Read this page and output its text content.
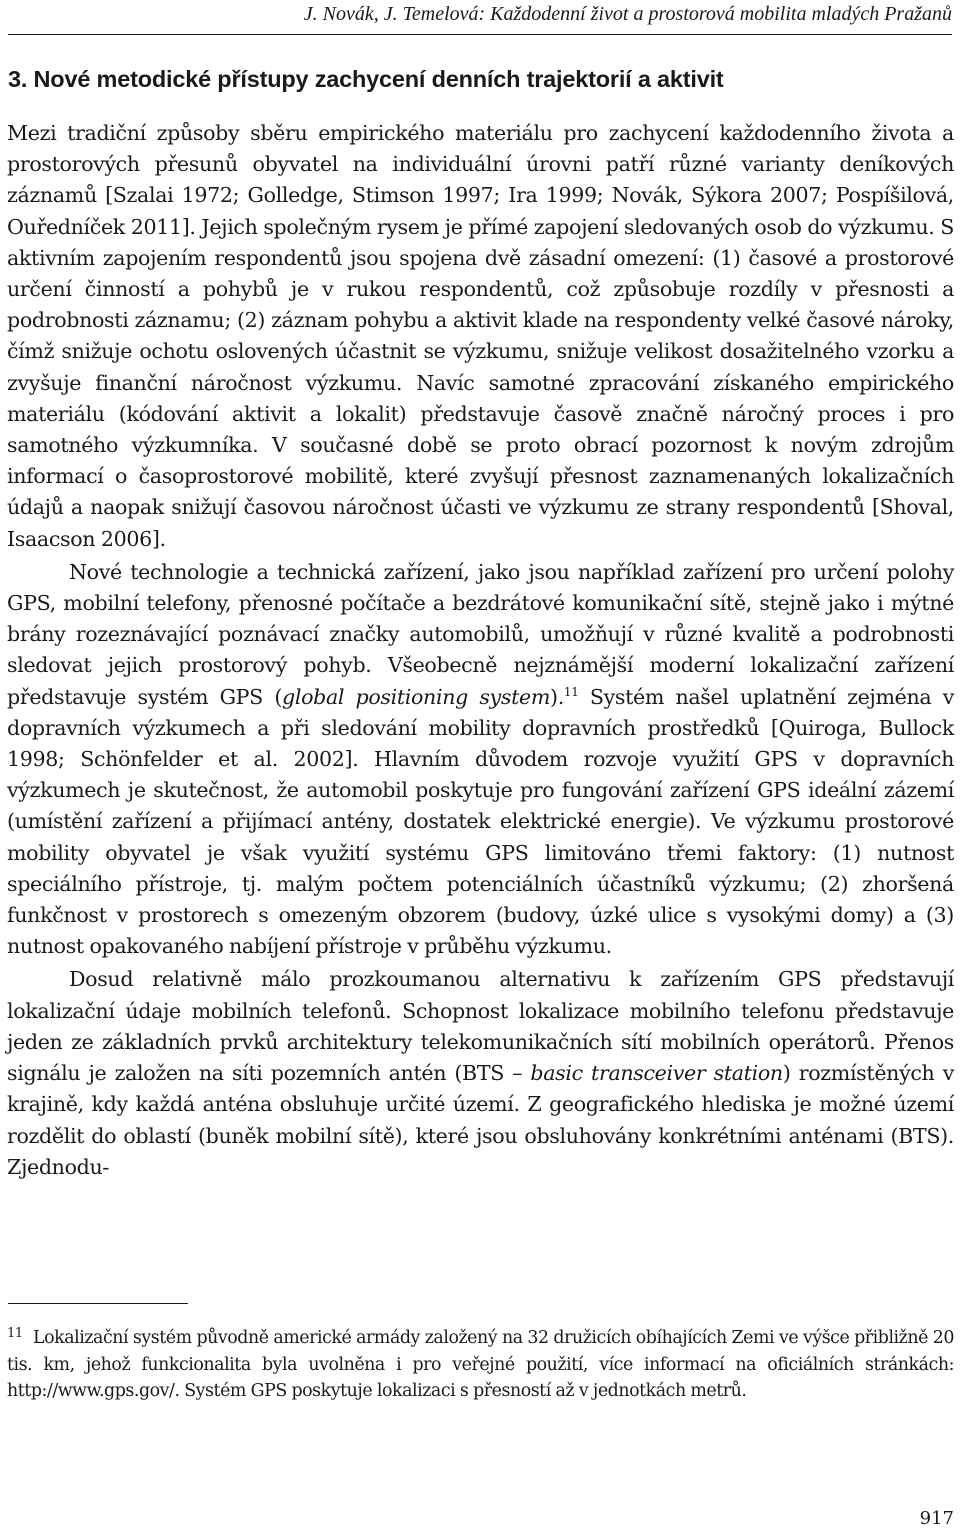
J. Novák, J. Temelová: Každodenní život a prostorová mobilita mladých Pražanů
3. Nové metodické přístupy zachycení denních trajektorií a aktivit

Mezi tradiční způsoby sběru empirického materiálu pro zachycení každodenního života a prostorových přesunů obyvatel na individuální úrovni patří různé varianty deníkových záznamů [Szalai 1972; Golledge, Stimson 1997; Ira 1999; Novák, Sýkora 2007; Pospíšilová, Ouředníček 2011]. Jejich společným rysem je přímé zapojení sledovaných osob do výzkumu. S aktivním zapojením respondentů jsou spojena dvě zásadní omezení: (1) časové a prostorové určení činností a pohybů je v rukou respondentů, což způsobuje rozdíly v přesnosti a podrobnosti záznamu; (2) záznam pohybu a aktivit klade na respondenty velké časové nároky, čímž snižuje ochotu oslovených účastnit se výzkumu, snižuje velikost dosažitelného vzorku a zvyšuje finanční náročnost výzkumu. Navíc samotné zpracování získaného empirického materiálu (kódování aktivit a lokalit) představuje časově značně náročný proces i pro samotného výzkumníka. V současné době se proto obrací pozornost k novým zdrojům informací o časoprostorové mobilitě, které zvyšují přesnost zaznamenaných lokalizačních údajů a naopak snižují časovou náročnost účasti ve výzkumu ze strany respondentů [Shoval, Isaacson 2006].

Nové technologie a technická zařízení, jako jsou například zařízení pro určení polohy GPS, mobilní telefony, přenosné počítače a bezdrátové komunikační sítě, stejně jako i mýtné brány rozeznávající poznávací značky automobilů, umožňují v různé kvalitě a podrobnosti sledovat jejich prostorový pohyb. Všeobecně nejznámější moderní lokalizační zařízení představuje systém GPS (global positioning system).$^{11}$ Systém našel uplatnění zejména v dopravních výzkumech a při sledování mobility dopravních prostředků [Quiroga, Bullock 1998; Schönfelder et al. 2002]. Hlavním důvodem rozvoje využití GPS v dopravních výzkumech je skutečnost, že automobil poskytuje pro fungování zařízení GPS ideální zázemí (umístění zařízení a přijímací antény, dostatek elektrické energie). Ve výzkumu prostorové mobility obyvatel je však využití systému GPS limitováno třemi faktory: (1) nutnost speciálního přístroje, tj. malým počtem potenciálních účastníků výzkumu; (2) zhoršená funkčnost v prostorech s omezeným obzorem (budovy, úzké ulice s vysokými domy) a (3) nutnost opakovaného nabíjení přístroje v průběhu výzkumu.

Dosud relativně málo prozkoumanou alternativu k zařízením GPS představují lokalizační údaje mobilních telefonů. Schopnost lokalizace mobilního telefonu představuje jeden ze základních prvků architektury telekomunikačních sítí mobilních operátorů. Přenos signálu je založen na síti pozemních antén (BTS – basic transceiver station) rozmístěných v krajině, kdy každá anténa obsluhuje určité území. Z geografického hlediska je možné území rozdělit do oblastí (buněk mobilní sítě), které jsou obsluhovány konkrétními anténami (BTS). Zjednodu-

11 Lokalizační systém původně americké armády založený na 32 družicích obíhajících Zemi ve výšce přibližně 20 tis. km, jehož funkcionalita byla uvolněna i pro veřejné použití, více informací na oficiálních stránkách: http://www.gps.gov/. Systém GPS poskytuje lokalizaci s přesností až v jednotkách metrů.
917
